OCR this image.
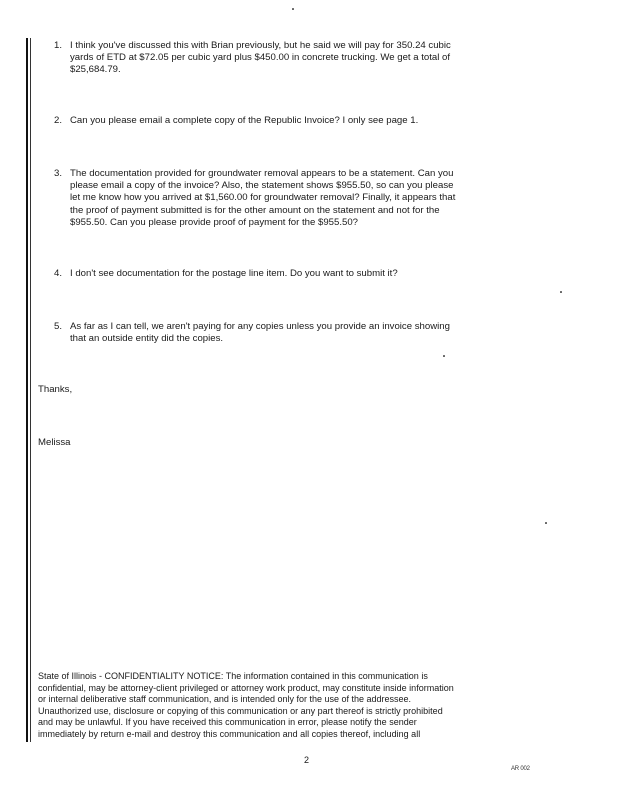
1. I think you've discussed this with Brian previously, but he said we will pay for 350.24 cubic
yards of ETD at $72.05 per cubic yard plus $450.00 in concrete trucking. We get a total of
$25,684.79.
2. Can you please email a complete copy of the Republic Invoice? I only see page 1.
3. The documentation provided for groundwater removal appears to be a statement. Can you
please email a copy of the invoice? Also, the statement shows $955.50, so can you please
let me know how you arrived at $1,560.00 for groundwater removal? Finally, it appears that
the proof of payment submitted is for the other amount on the statement and not for the
$955.50. Can you please provide proof of payment for the $955.50?
4. I don't see documentation for the postage line item. Do you want to submit it?
5. As far as I can tell, we aren't paying for any copies unless you provide an invoice showing
that an outside entity did the copies.
Thanks,
Melissa
State of Illinois - CONFIDENTIALITY NOTICE: The information contained in this communication is
confidential, may be attorney-client privileged or attorney work product, may constitute inside information
or internal deliberative staff communication, and is intended only for the use of the addressee.
Unauthorized use, disclosure or copying of this communication or any part thereof is strictly prohibited
and may be unlawful. If you have received this communication in error, please notify the sender
immediately by return e-mail and destroy this communication and all copies thereof, including all
2
AR 002
